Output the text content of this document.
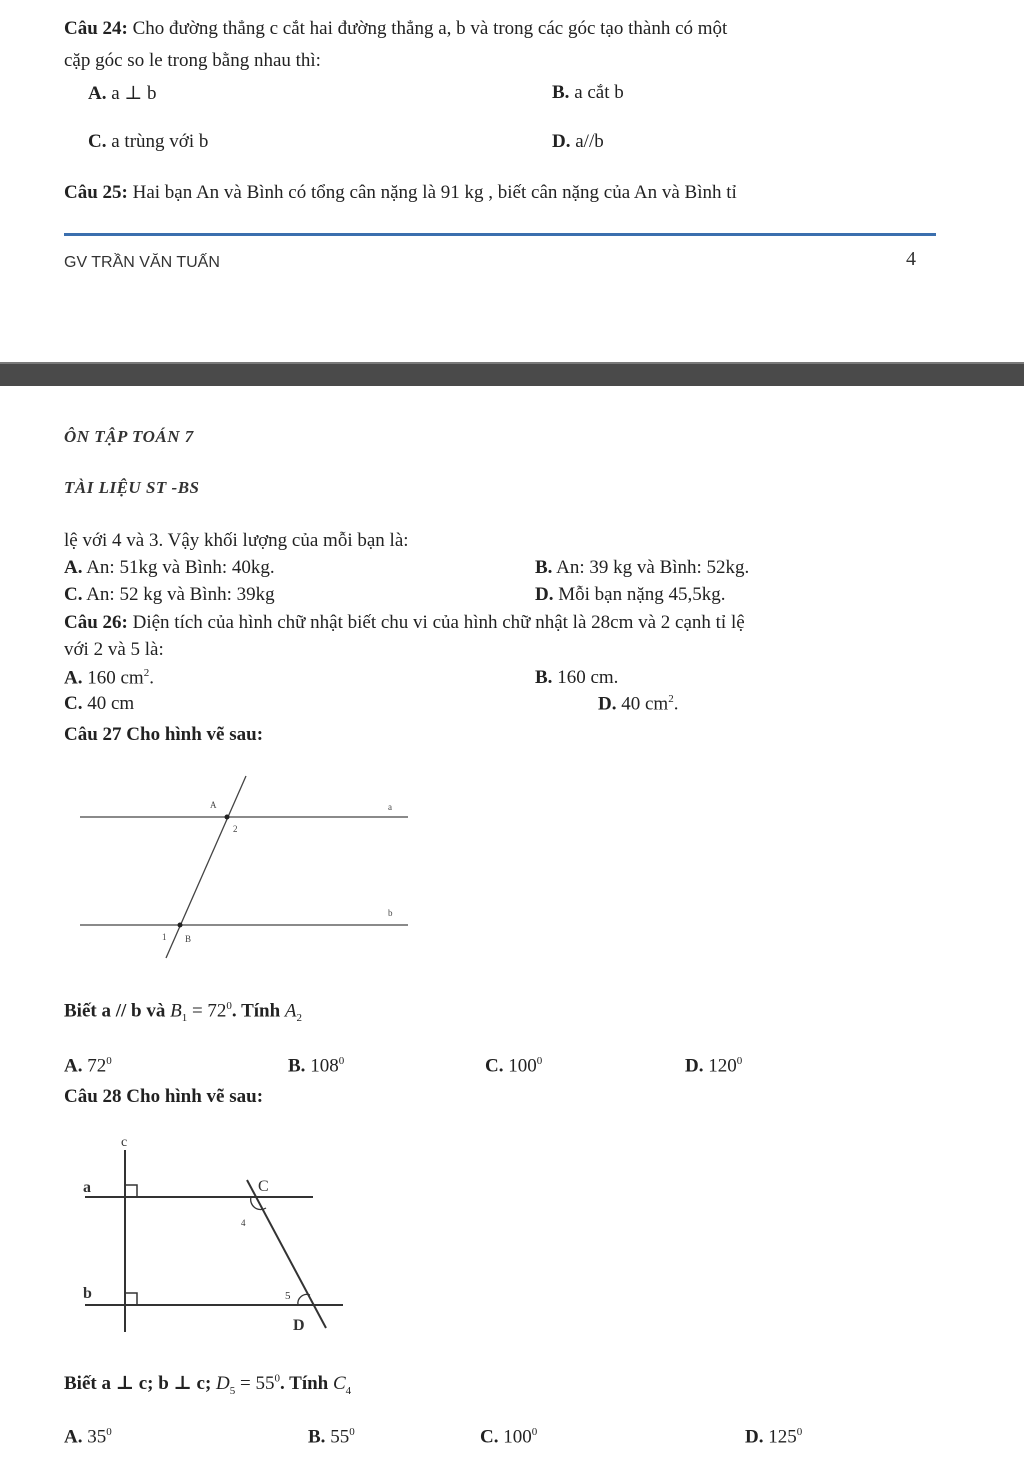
Câu 24: Cho đường thẳng c cắt hai đường thẳng a, b và trong các góc tạo thành có một
cặp góc so le trong bằng nhau thì:
A. a ⊥ b	B. a cắt b
C. a trùng với b	D. a//b
Câu 25: Hai bạn An và Bình có tổng cân nặng là 91 kg , biết cân nặng của An và Bình tỉ
GV TRẦN VĂN TUẤN	4
ÔN TẬP TOÁN 7
TÀI LIỆU ST -BS
lệ với 4 và 3. Vậy khối lượng của mỗi bạn là:
A. An: 51kg và Bình: 40kg.	B. An: 39 kg và Bình: 52kg.
C. An: 52 kg và Bình: 39kg	D. Mỗi bạn nặng 45,5kg.
Câu 26: Diện tích của hình chữ nhật biết chu vi của hình chữ nhật là 28cm và 2 cạnh tỉ lệ
với 2 và 5 là:
A. 160 $cm^2$.	B. 160 cm.
C. 40 cm	D. 40 $cm^2$.
Câu 27 Cho hình vẽ sau:
A	a
2
b
1 B
Biết a // b và $B_1 = 72^0$. Tính $A_2$
A. $72^0$	B. $108^0$	C. $100^0$	D. $120^0$
Câu 28 Cho hình vẽ sau:
c
a	C
4
b	5
D
Biết a ⊥ c; b ⊥ c; $D_5 = 55^0$. Tính $C_4$
A. $35^0$	B. $55^0$	C. $100^0$	D. $125^0$
